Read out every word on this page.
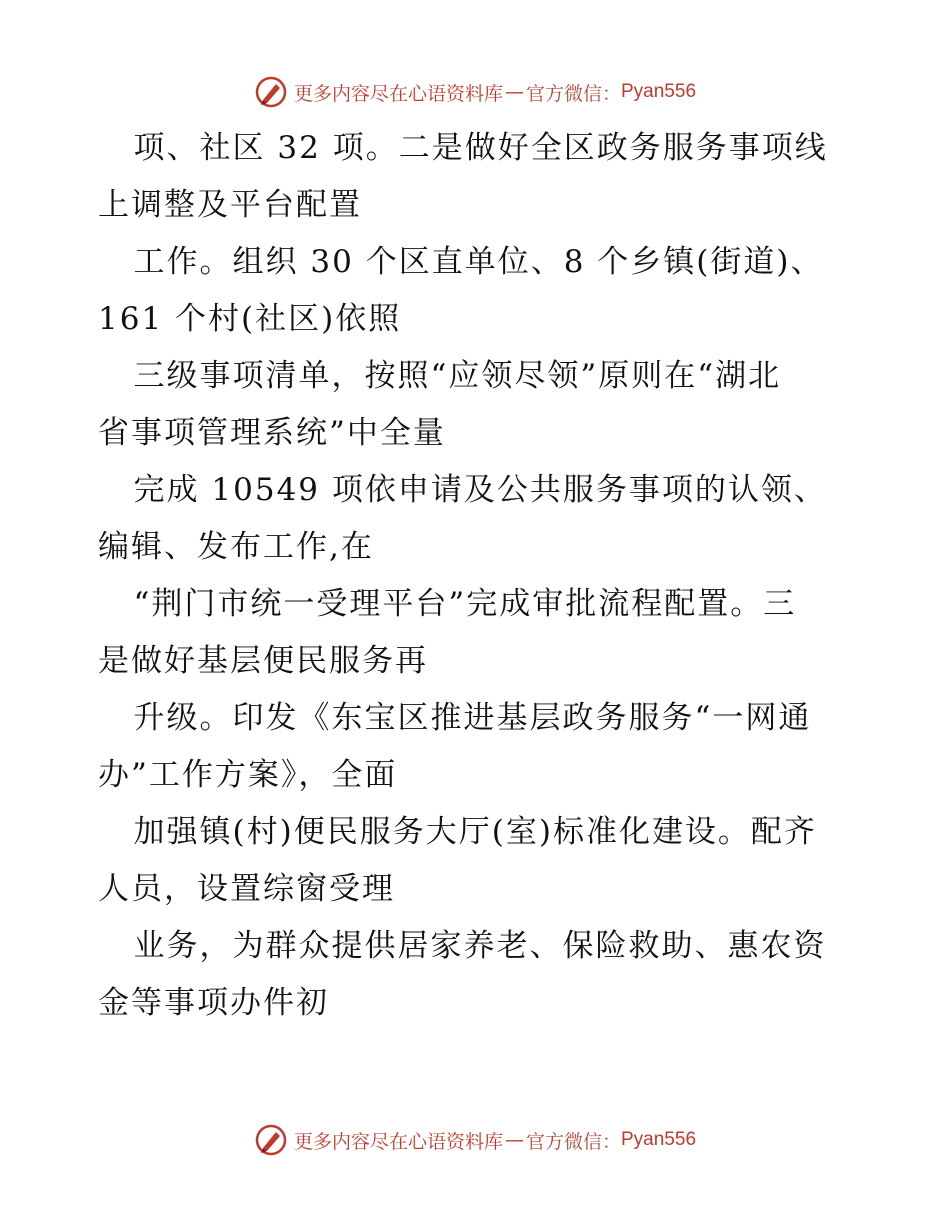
更多内容尽在心语资料库 — 官方微信： Pyan556

项、社区 32 项。二是做好全区政务服务事项线

上调整及平台配置

工作。组织 30 个区直单位、8 个乡镇(街道)、

161 个村(社区)依照

三级事项清单，按照“应领尽领”原则在“湖北

省事项管理系统”中全量

完成 10549 项依申请及公共服务事项的认领、

编辑、发布工作,在

“荆门市统一受理平台”完成审批流程配置。三

是做好基层便民服务再

升级。印发《东宝区推进基层政务服务“一网通

办”工作方案》，全面

加强镇(村)便民服务大厅(室)标准化建设。配齐

人员，设置综窗受理

业务，为群众提供居家养老、保险救助、惠农资

金等事项办件初

更多内容尽在心语资料库 — 官方微信： Pyan556
